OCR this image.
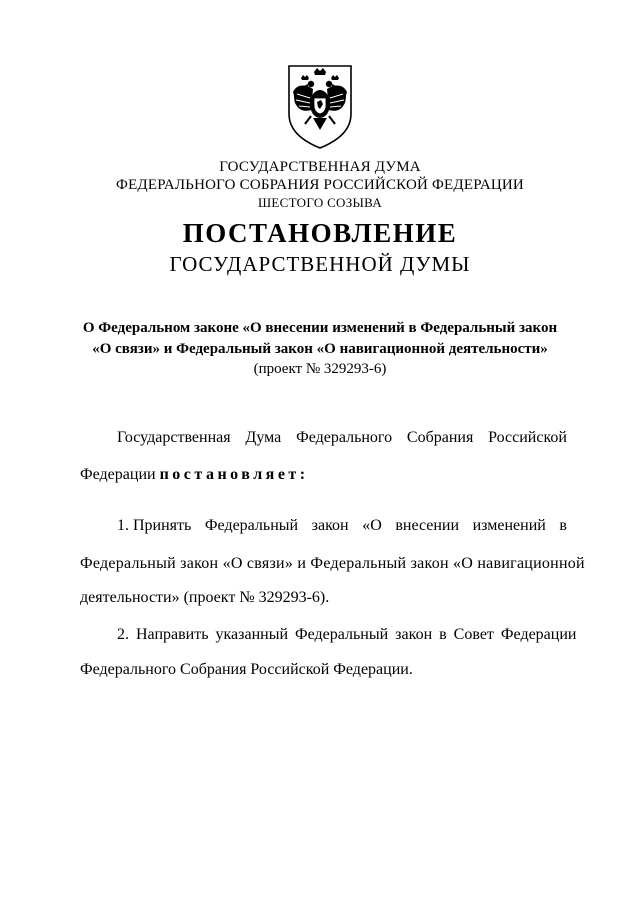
ГОСУДАРСТВЕННАЯ ДУМА
ФЕДЕРАЛЬНОГО СОБРАНИЯ РОССИЙСКОЙ ФЕДЕРАЦИИ
ШЕСТОГО СОЗЫВА
ПОСТАНОВЛЕНИЕ
ГОСУДАРСТВЕННОЙ ДУМЫ
О Федеральном законе «О внесении изменений в Федеральный закон
«О связи» и Федеральный закон «О навигационной деятельности»
(проект № 329293-6)
Государственная Дума Федерального Собрания Российской
Федерации постановляет:
1. Принять Федеральный закон «О внесении изменений в
Федеральный закон «О связи» и Федеральный закон «О навигационной
деятельности» (проект № 329293-6).
2. Направить указанный Федеральный закон в Совет Федерации
Федерального Собрания Российской Федерации.
